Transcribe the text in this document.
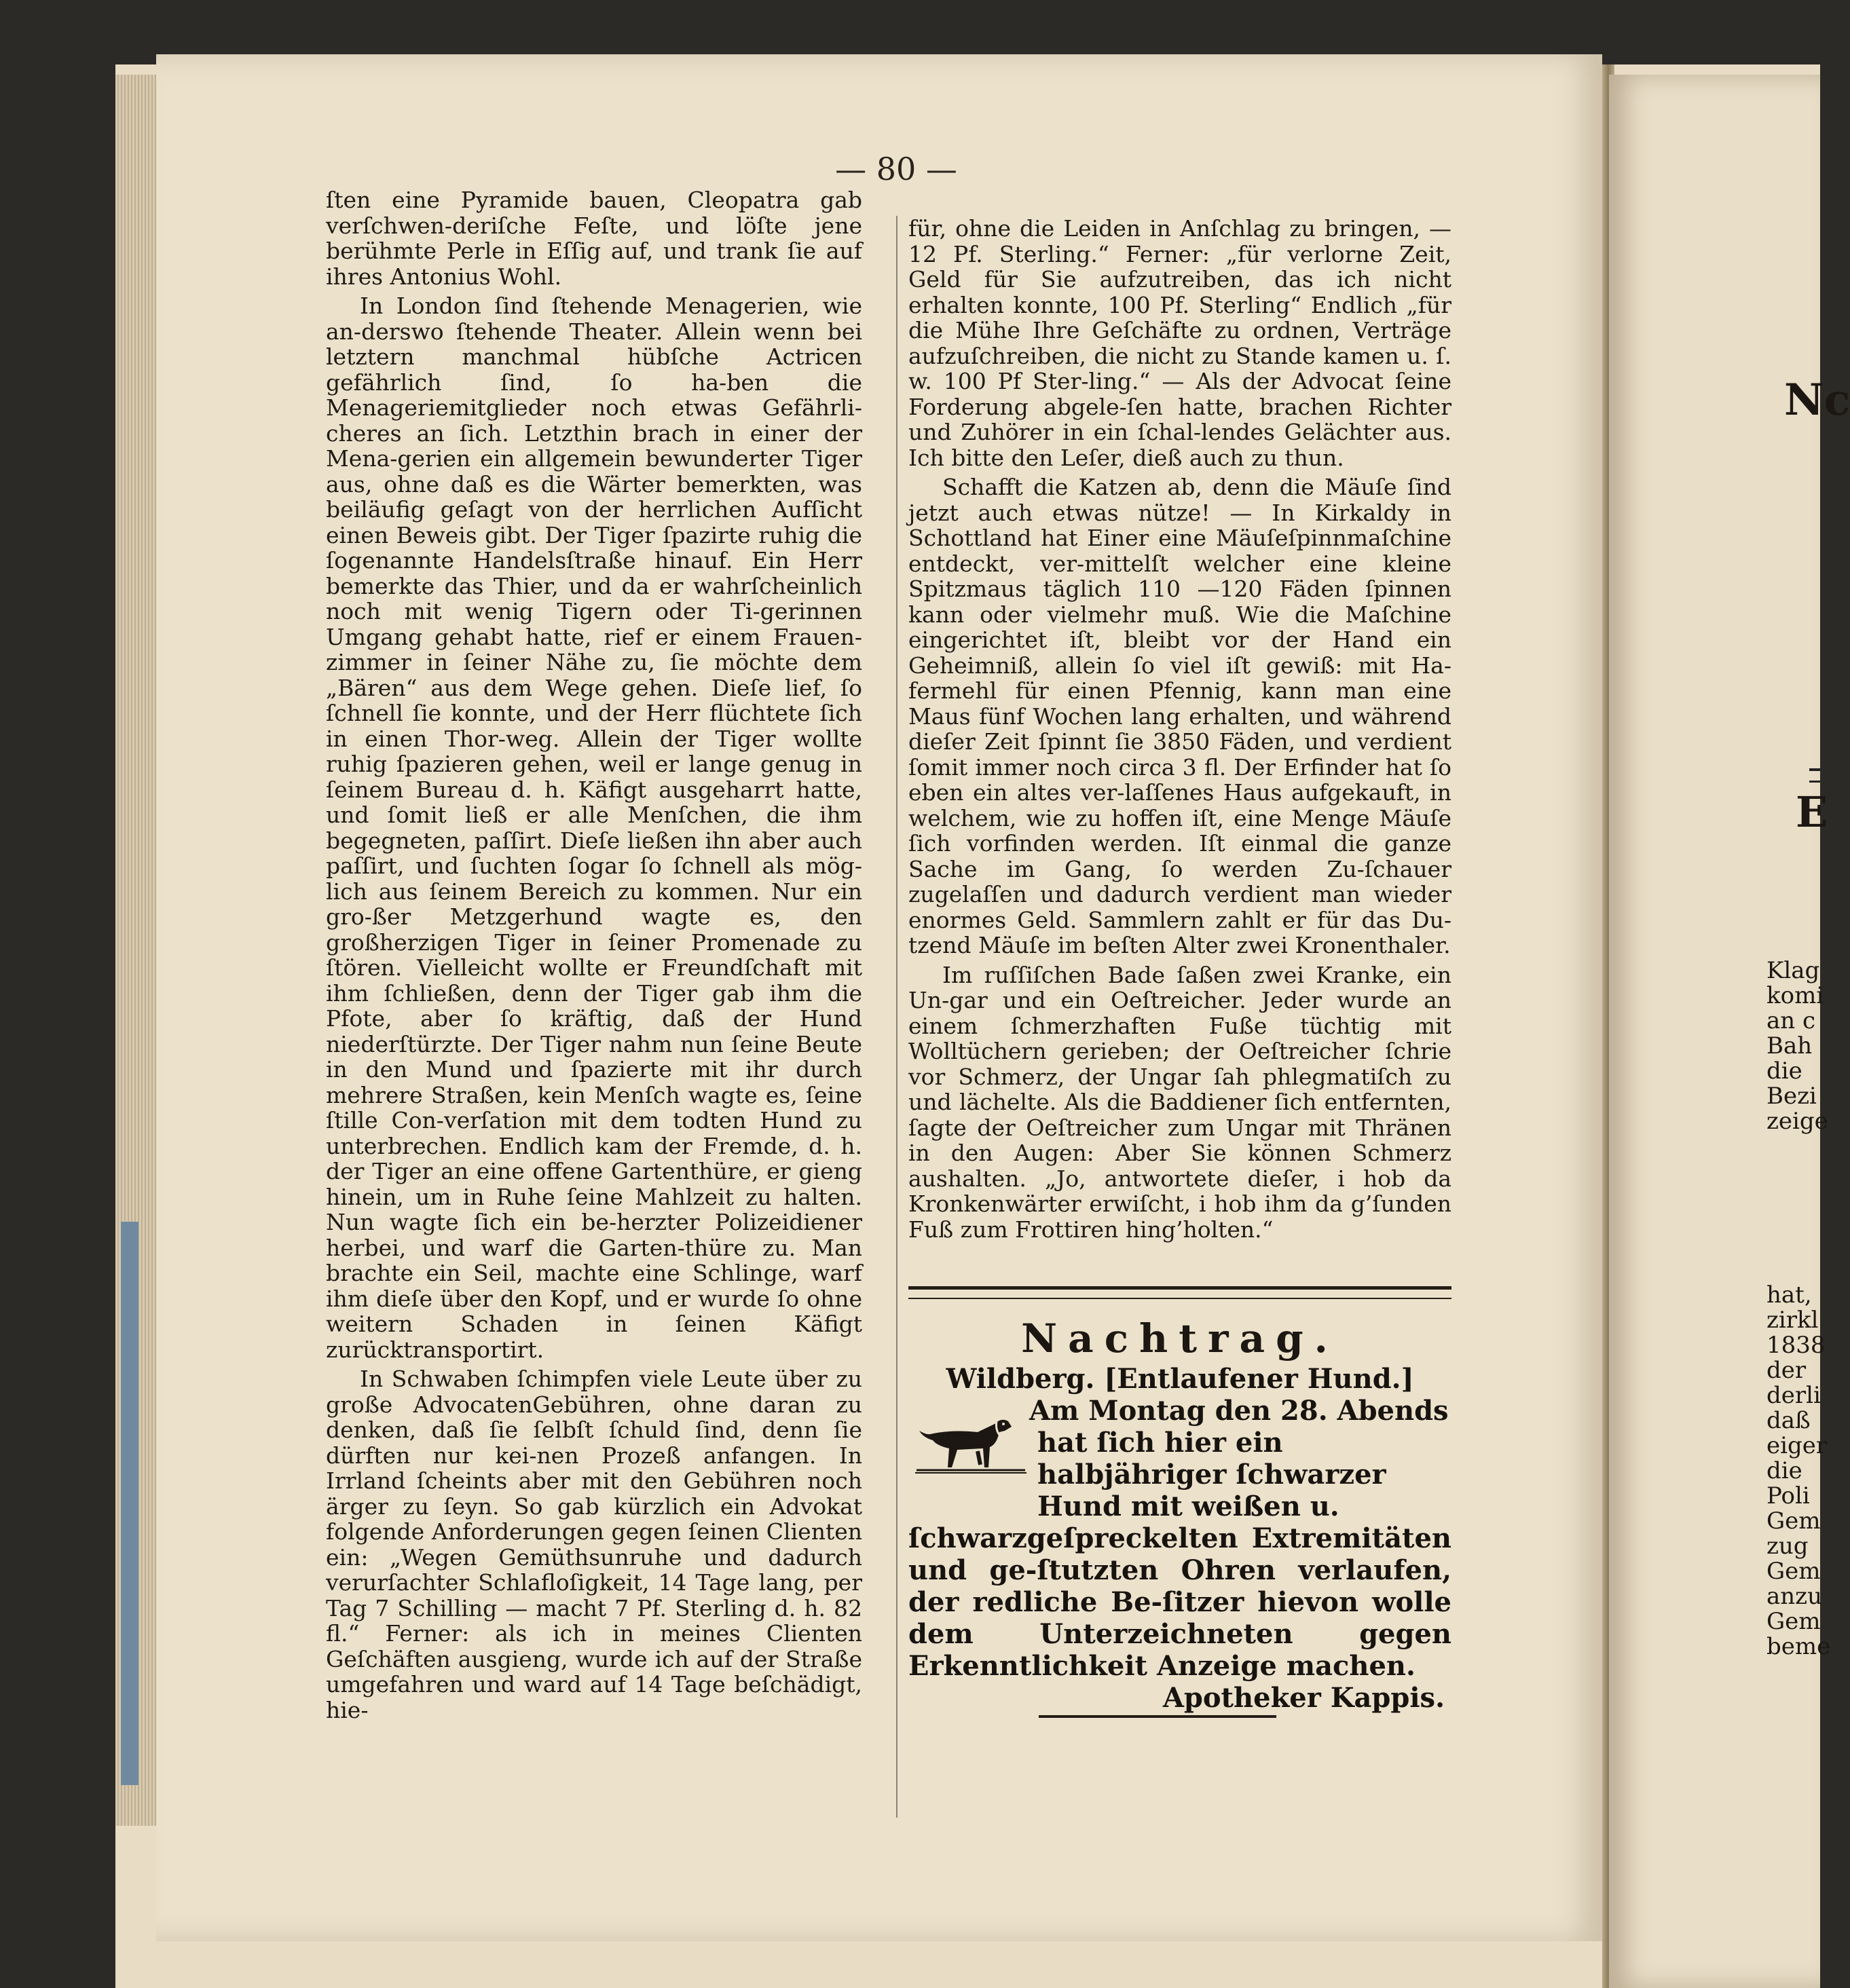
Nc
E
Klag
komi
an c
Bah
die
Bezi
zeige
hat,
zirkl
1838
der
derli
daß
eiger
die
Poli
Gem
zug
Gem
anzu
Gem
beme
— 80 —

ſten eine Pyramide bauen, Cleopatra gab verſchwen-deriſche Feſte, und löſte jene berühmte Perle in Eſſig auf, und trank ſie auf ihres Antonius Wohl.

In London ſind ſtehende Menagerien, wie an-derswo ſtehende Theater. Allein wenn bei letztern manchmal hübſche Actricen gefährlich ſind, ſo ha-ben die Menageriemitglieder noch etwas Gefährli-cheres an ſich. Letzthin brach in einer der Mena-gerien ein allgemein bewunderter Tiger aus, ohne daß es die Wärter bemerkten, was beiläufig geſagt von der herrlichen Aufſicht einen Beweis gibt. Der Tiger ſpazirte ruhig die ſogenannte Handelsſtraße hinauf. Ein Herr bemerkte das Thier, und da er wahrſcheinlich noch mit wenig Tigern oder Ti-gerinnen Umgang gehabt hatte, rief er einem Frauen-zimmer in ſeiner Nähe zu, ſie möchte dem „Bären“ aus dem Wege gehen. Dieſe lief, ſo ſchnell ſie konnte, und der Herr flüchtete ſich in einen Thor-weg. Allein der Tiger wollte ruhig ſpazieren gehen, weil er lange genug in ſeinem Bureau d. h. Käfigt ausgeharrt hatte, und ſomit ließ er alle Menſchen, die ihm begegneten, paſſirt. Dieſe ließen ihn aber auch paſſirt, und ſuchten ſogar ſo ſchnell als mög-lich aus ſeinem Bereich zu kommen. Nur ein gro-ßer Metzgerhund wagte es, den großherzigen Tiger in ſeiner Promenade zu ſtören. Vielleicht wollte er Freundſchaft mit ihm ſchließen, denn der Tiger gab ihm die Pfote, aber ſo kräftig, daß der Hund niederſtürzte. Der Tiger nahm nun ſeine Beute in den Mund und ſpazierte mit ihr durch mehrere Straßen, kein Menſch wagte es, ſeine ſtille Con-verſation mit dem todten Hund zu unterbrechen. Endlich kam der Fremde, d. h. der Tiger an eine offene Gartenthüre, er gieng hinein, um in Ruhe ſeine Mahlzeit zu halten. Nun wagte ſich ein be-herzter Polizeidiener herbei, und warf die Garten-thüre zu. Man brachte ein Seil, machte eine Schlinge, warf ihm dieſe über den Kopf, und er wurde ſo ohne weitern Schaden in ſeinen Käfigt zurücktransportirt.

In Schwaben ſchimpfen viele Leute über zu große AdvocatenGebühren, ohne daran zu denken, daß ſie ſelbſt ſchuld ſind, denn ſie dürften nur kei-nen Prozeß anfangen. In Irrland ſcheints aber mit den Gebühren noch ärger zu ſeyn. So gab kürzlich ein Advokat folgende Anforderungen gegen ſeinen Clienten ein: „Wegen Gemüthsunruhe und dadurch verurſachter Schlafloſigkeit, 14 Tage lang, per Tag 7 Schilling — macht 7 Pf. Sterling d. h. 82 fl.“ Ferner: als ich in meines Clienten Geſchäften ausgieng, wurde ich auf der Straße umgefahren und ward auf 14 Tage beſchädigt, hie-

für, ohne die Leiden in Anſchlag zu bringen, — 12 Pf. Sterling.“ Ferner: „für verlorne Zeit, Geld für Sie aufzutreiben, das ich nicht erhalten konnte, 100 Pf. Sterling“ Endlich „für die Mühe Ihre Geſchäfte zu ordnen, Verträge aufzuſchreiben, die nicht zu Stande kamen u. ſ. w. 100 Pf Ster-ling.“ — Als der Advocat ſeine Forderung abgele-ſen hatte, brachen Richter und Zuhörer in ein ſchal-lendes Gelächter aus. Ich bitte den Leſer, dieß auch zu thun.

Schafft die Katzen ab, denn die Mäuſe ſind jetzt auch etwas nütze! — In Kirkaldy in Schottland hat Einer eine Mäuſeſpinnmaſchine entdeckt, ver-mittelſt welcher eine kleine Spitzmaus täglich 110 —120 Fäden ſpinnen kann oder vielmehr muß. Wie die Maſchine eingerichtet iſt, bleibt vor der Hand ein Geheimniß, allein ſo viel iſt gewiß: mit Ha-fermehl für einen Pfennig, kann man eine Maus fünf Wochen lang erhalten, und während dieſer Zeit ſpinnt ſie 3850 Fäden, und verdient ſomit immer noch circa 3 fl. Der Erfinder hat ſo eben ein altes ver-laſſenes Haus aufgekauft, in welchem, wie zu hoffen iſt, eine Menge Mäuſe ſich vorfinden werden. Iſt einmal die ganze Sache im Gang, ſo werden Zu-ſchauer zugelaſſen und dadurch verdient man wieder enormes Geld. Sammlern zahlt er für das Du-tzend Mäuſe im beſten Alter zwei Kronenthaler.

Im ruſſiſchen Bade ſaßen zwei Kranke, ein Un-gar und ein Oeſtreicher. Jeder wurde an einem ſchmerzhaften Fuße tüchtig mit Wolltüchern gerieben; der Oeſtreicher ſchrie vor Schmerz, der Ungar ſah phlegmatiſch zu und lächelte. Als die Baddiener ſich entfernten, ſagte der Oeſtreicher zum Ungar mit Thränen in den Augen: Aber Sie können Schmerz aushalten. „Jo, antwortete dieſer, i hob da Kronkenwärter erwiſcht, i hob ihm da g’ſunden Fuß zum Frottiren hing’holten.“

Nachtrag.
Wildberg. [Entlaufener Hund.]
Am Montag den 28. Abends hat ſich hier ein halbjähriger ſchwarzer Hund mit weißen u.
ſchwarzgeſpreckelten Extremitäten und ge-ſtutzten Ohren verlaufen, der redliche Be-ſitzer hievon wolle dem Unterzeichneten gegen Erkenntlichkeit Anzeige machen.
Apotheker Kappis.
